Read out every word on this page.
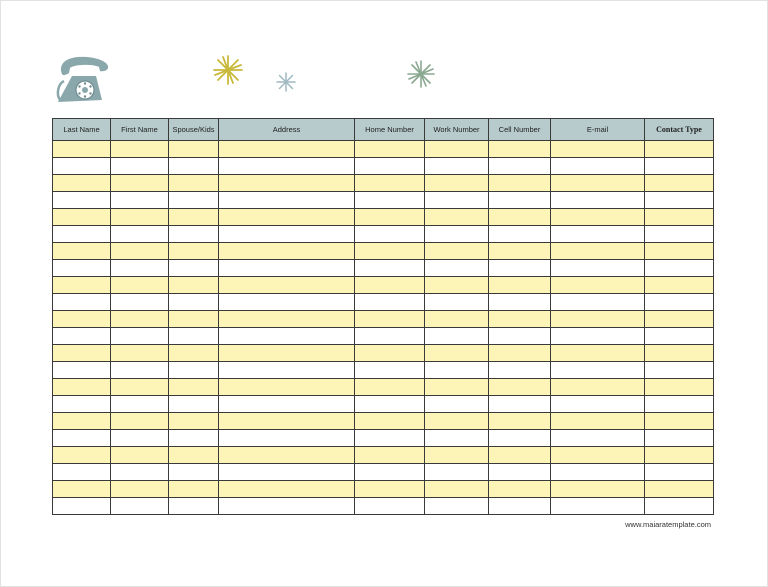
Last Name	First Name	Spouse/Kids	Address	Home Number	Work Number	Cell Number	E-mail	Contact Type

www.maiaratemplate.com
